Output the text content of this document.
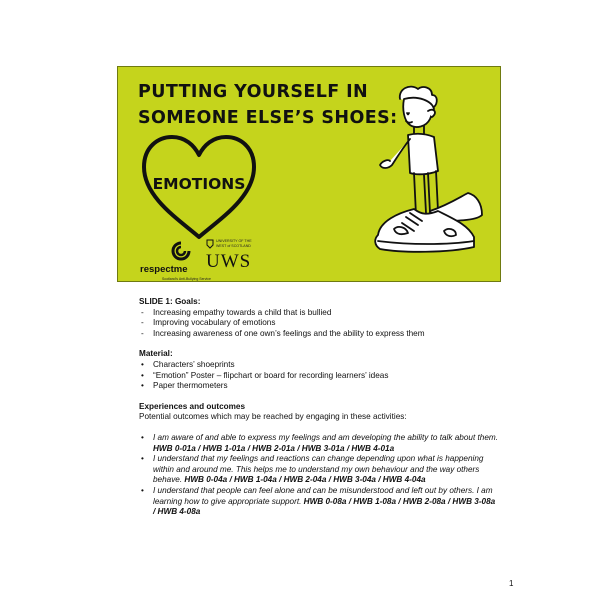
PUTTING YOURSELF IN
SOMEONE ELSE’S SHOES:
EMOTIONS
respectme
Scotland's Anti-Bullying Service
UNIVERSITY OF THE WEST of SCOTLAND
UWS
SLIDE 1: Goals:
- Increasing empathy towards a child that is bullied
- Improving vocabulary of emotions
- Increasing awareness of one own’s feelings and the ability to express them
Material:
• Characters’ shoeprints
• “Emotion” Poster – flipchart or board for recording learners’ ideas
• Paper thermometers
Experiences and outcomes
Potential outcomes which may be reached by engaging in these activities:
• I am aware of and able to express my feelings and am developing the ability to talk about them. HWB 0-01a / HWB 1-01a / HWB 2-01a / HWB 3-01a / HWB 4-01a
• I understand that my feelings and reactions can change depending upon what is happening within and around me. This helps me to understand my own behaviour and the way others behave. HWB 0-04a / HWB 1-04a / HWB 2-04a / HWB 3-04a / HWB 4-04a
• I understand that people can feel alone and can be misunderstood and left out by others. I am learning how to give appropriate support. HWB 0-08a / HWB 1-08a / HWB 2-08a / HWB 3-08a / HWB 4-08a
1
